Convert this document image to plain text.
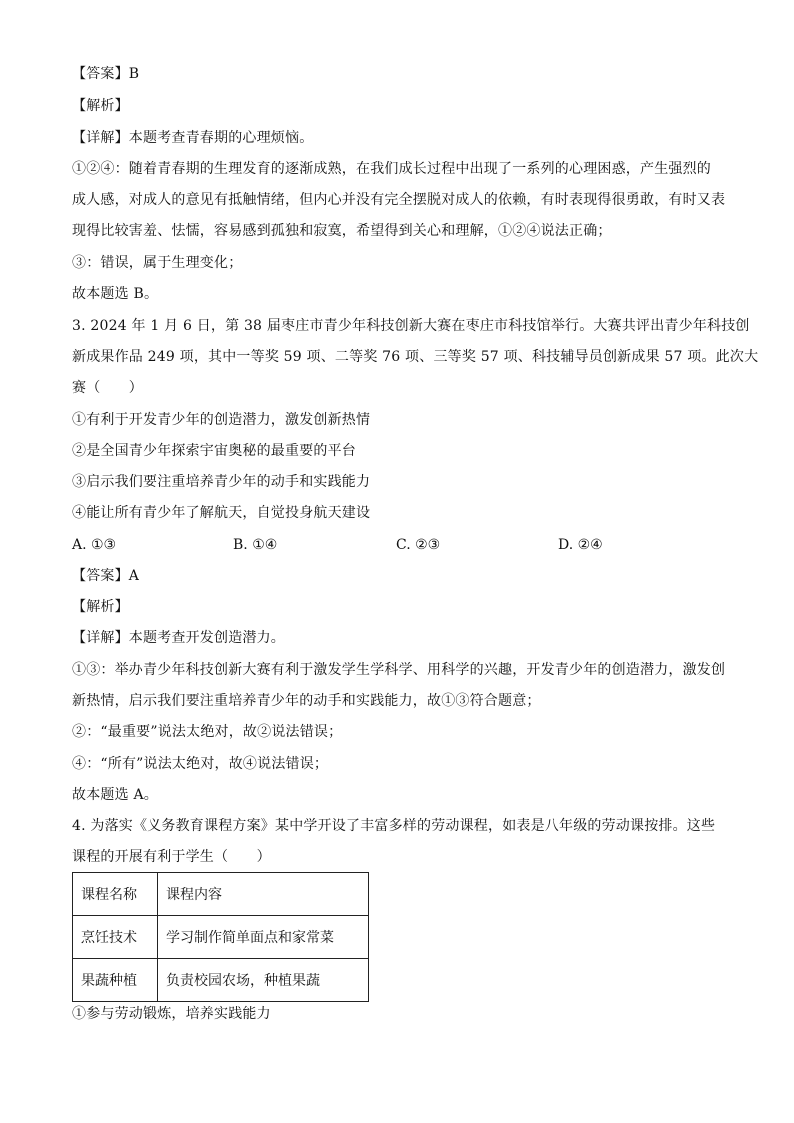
【答案】B
【解析】
【详解】本题考查青春期的心理烦恼。
①②④：随着青春期的生理发育的逐渐成熟，在我们成长过程中出现了一系列的心理困惑，产生强烈的
成人感，对成人的意见有抵触情绪，但内心并没有完全摆脱对成人的依赖，有时表现得很勇敢，有时又表
现得比较害羞、怯懦，容易感到孤独和寂寞，希望得到关心和理解，①②④说法正确；
③：错误，属于生理变化；
故本题选 B。
3. 2024 年 1 月 6 日，第 38 届枣庄市青少年科技创新大赛在枣庄市科技馆举行。大赛共评出青少年科技创
新成果作品 249 项，其中一等奖 59 项、二等奖 76 项、三等奖 57 项、科技辅导员创新成果 57 项。此次大
赛（　　）
①有利于开发青少年的创造潜力，激发创新热情
②是全国青少年探索宇宙奥秘的最重要的平台
③启示我们要注重培养青少年的动手和实践能力
④能让所有青少年了解航天，自觉投身航天建设
A. ①③	B. ①④	C. ②③	D. ②④
【答案】A
【解析】
【详解】本题考查开发创造潜力。
①③：举办青少年科技创新大赛有利于激发学生学科学、用科学的兴趣，开发青少年的创造潜力，激发创
新热情，启示我们要注重培养青少年的动手和实践能力，故①③符合题意；
②：“最重要”说法太绝对，故②说法错误；
④：“所有”说法太绝对，故④说法错误；
故本题选 A。
4. 为落实《义务教育课程方案》某中学开设了丰富多样的劳动课程，如表是八年级的劳动课按排。这些
课程的开展有利于学生（　　）
课程名称	课程内容
烹饪技术	学习制作简单面点和家常菜
果蔬种植	负责校园农场，种植果蔬
①参与劳动锻炼，培养实践能力
